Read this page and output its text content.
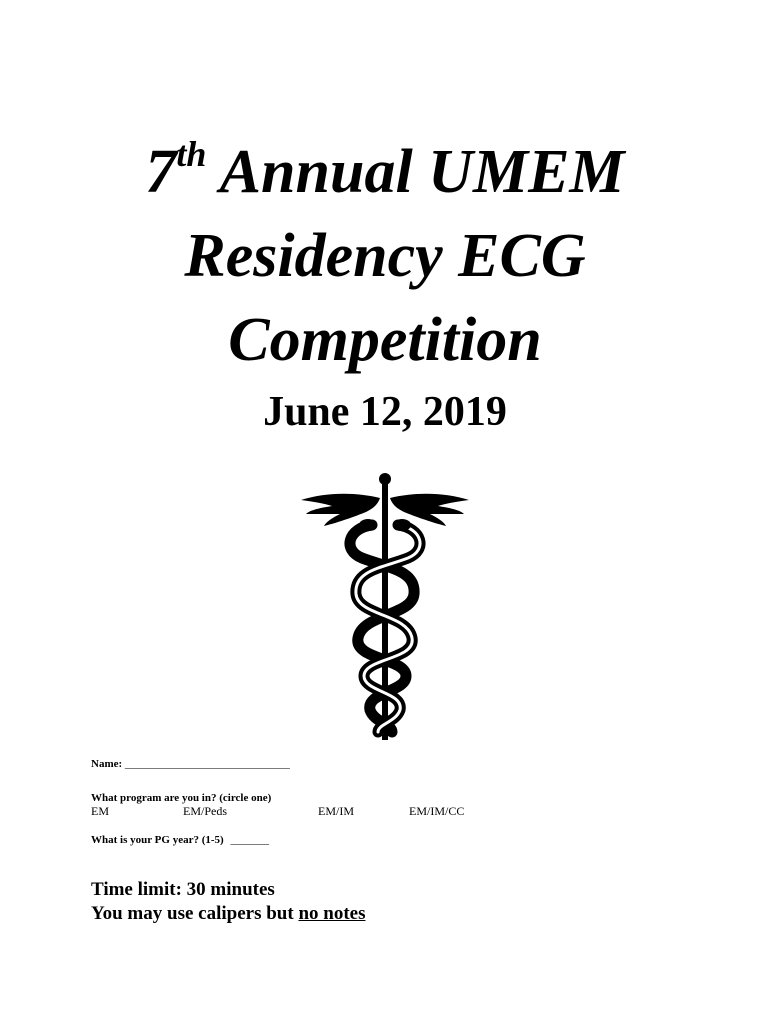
7th Annual UMEM
Residency ECG
Competition
June 12, 2019
Name: ______________________________
What program are you in? (circle one)
EM	EM/Peds	EM/IM	EM/IM/CC
What is your PG year? (1-5) _______
Time limit: 30 minutes
You may use calipers but no notes
